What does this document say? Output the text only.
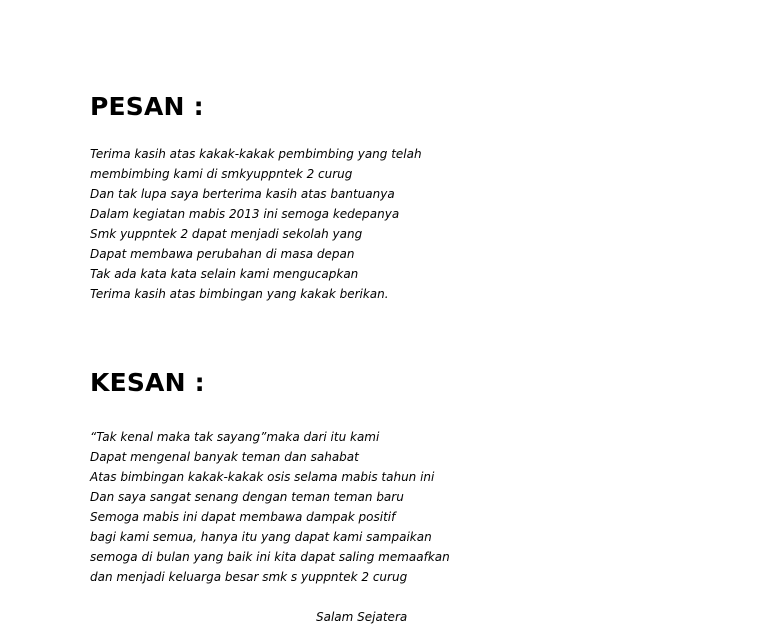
PESAN :
Terima kasih atas kakak-kakak pembimbing yang telah
membimbing kami di smkyuppntek 2 curug
Dan tak lupa saya berterima kasih atas bantuanya
Dalam kegiatan mabis 2013 ini semoga kedepanya
Smk yuppntek 2 dapat menjadi sekolah yang
Dapat membawa perubahan di masa depan
Tak ada kata kata selain kami mengucapkan
Terima kasih atas bimbingan yang kakak berikan.
KESAN :
“Tak kenal maka tak sayang”maka dari itu kami
Dapat mengenal banyak teman dan sahabat
Atas bimbingan kakak-kakak osis selama mabis tahun ini
Dan saya sangat senang dengan teman teman baru
Semoga mabis ini dapat membawa dampak positif
bagi kami semua, hanya itu yang dapat kami sampaikan
semoga di bulan yang baik ini kita dapat saling memaafkan
dan menjadi keluarga besar smk s yuppntek 2 curug

Salam Sejatera
